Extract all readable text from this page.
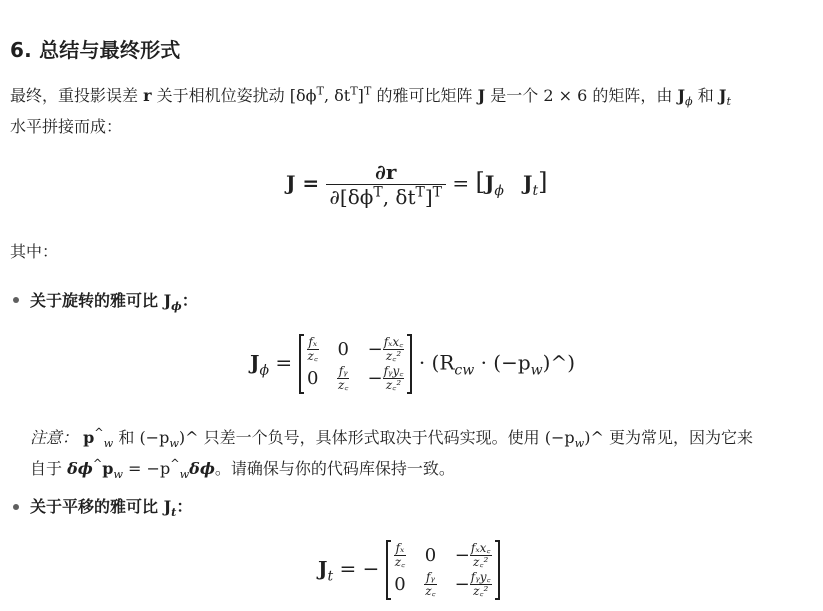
6. 总结与最终形式
最终，重投影误差 r 关于相机位姿扰动 [$\delta\phi^T$, $\delta t^T]^T$ 的雅可比矩阵 J 是一个 2 × 6 的矩阵，由 $J_\phi$ 和 $J_t$
水平拼接而成：
$J = \frac{\partial r}{\partial[\delta\phi^T, \delta t^T]^T} = [J_\phi$ $J_t$]
其中：
关于旋转的雅可比 $J_\phi$：
$J_\phi = \frac{\text{fₓ}}{z꜀} 0 - \frac{\text{fₓx꜀}}{\text{z꜀²}}$
$0 \frac{\text{fᵧ}}{z꜀} - \frac{\text{fᵧy꜀}}{\text{z꜀²}}$
· ($R_{cw}$ · $(-p_w)\^{}$)
注意： $p^{\^{}}_w$ 和 $(-p_w)\^{}$ 只差一个负号，具体形式取决于代码实现。使用 $(-p_w)\^{}$ 更为常见，因为它来
自于 $\delta\phi^{\^{}}p_w = -p^{\^{}}_w\delta\phi$。请确保与你的代码库保持一致。
关于平移的雅可比 $J_t$：
$J_t$ = − $\frac{\text{fₓ}}{z꜀} 0 - \frac{\text{fₓx꜀}}{\text{z꜀²}}$
$0 \frac{\text{fᵧ}}{z꜀} - \frac{\text{fᵧy꜀}}{\text{z꜀²}}$
